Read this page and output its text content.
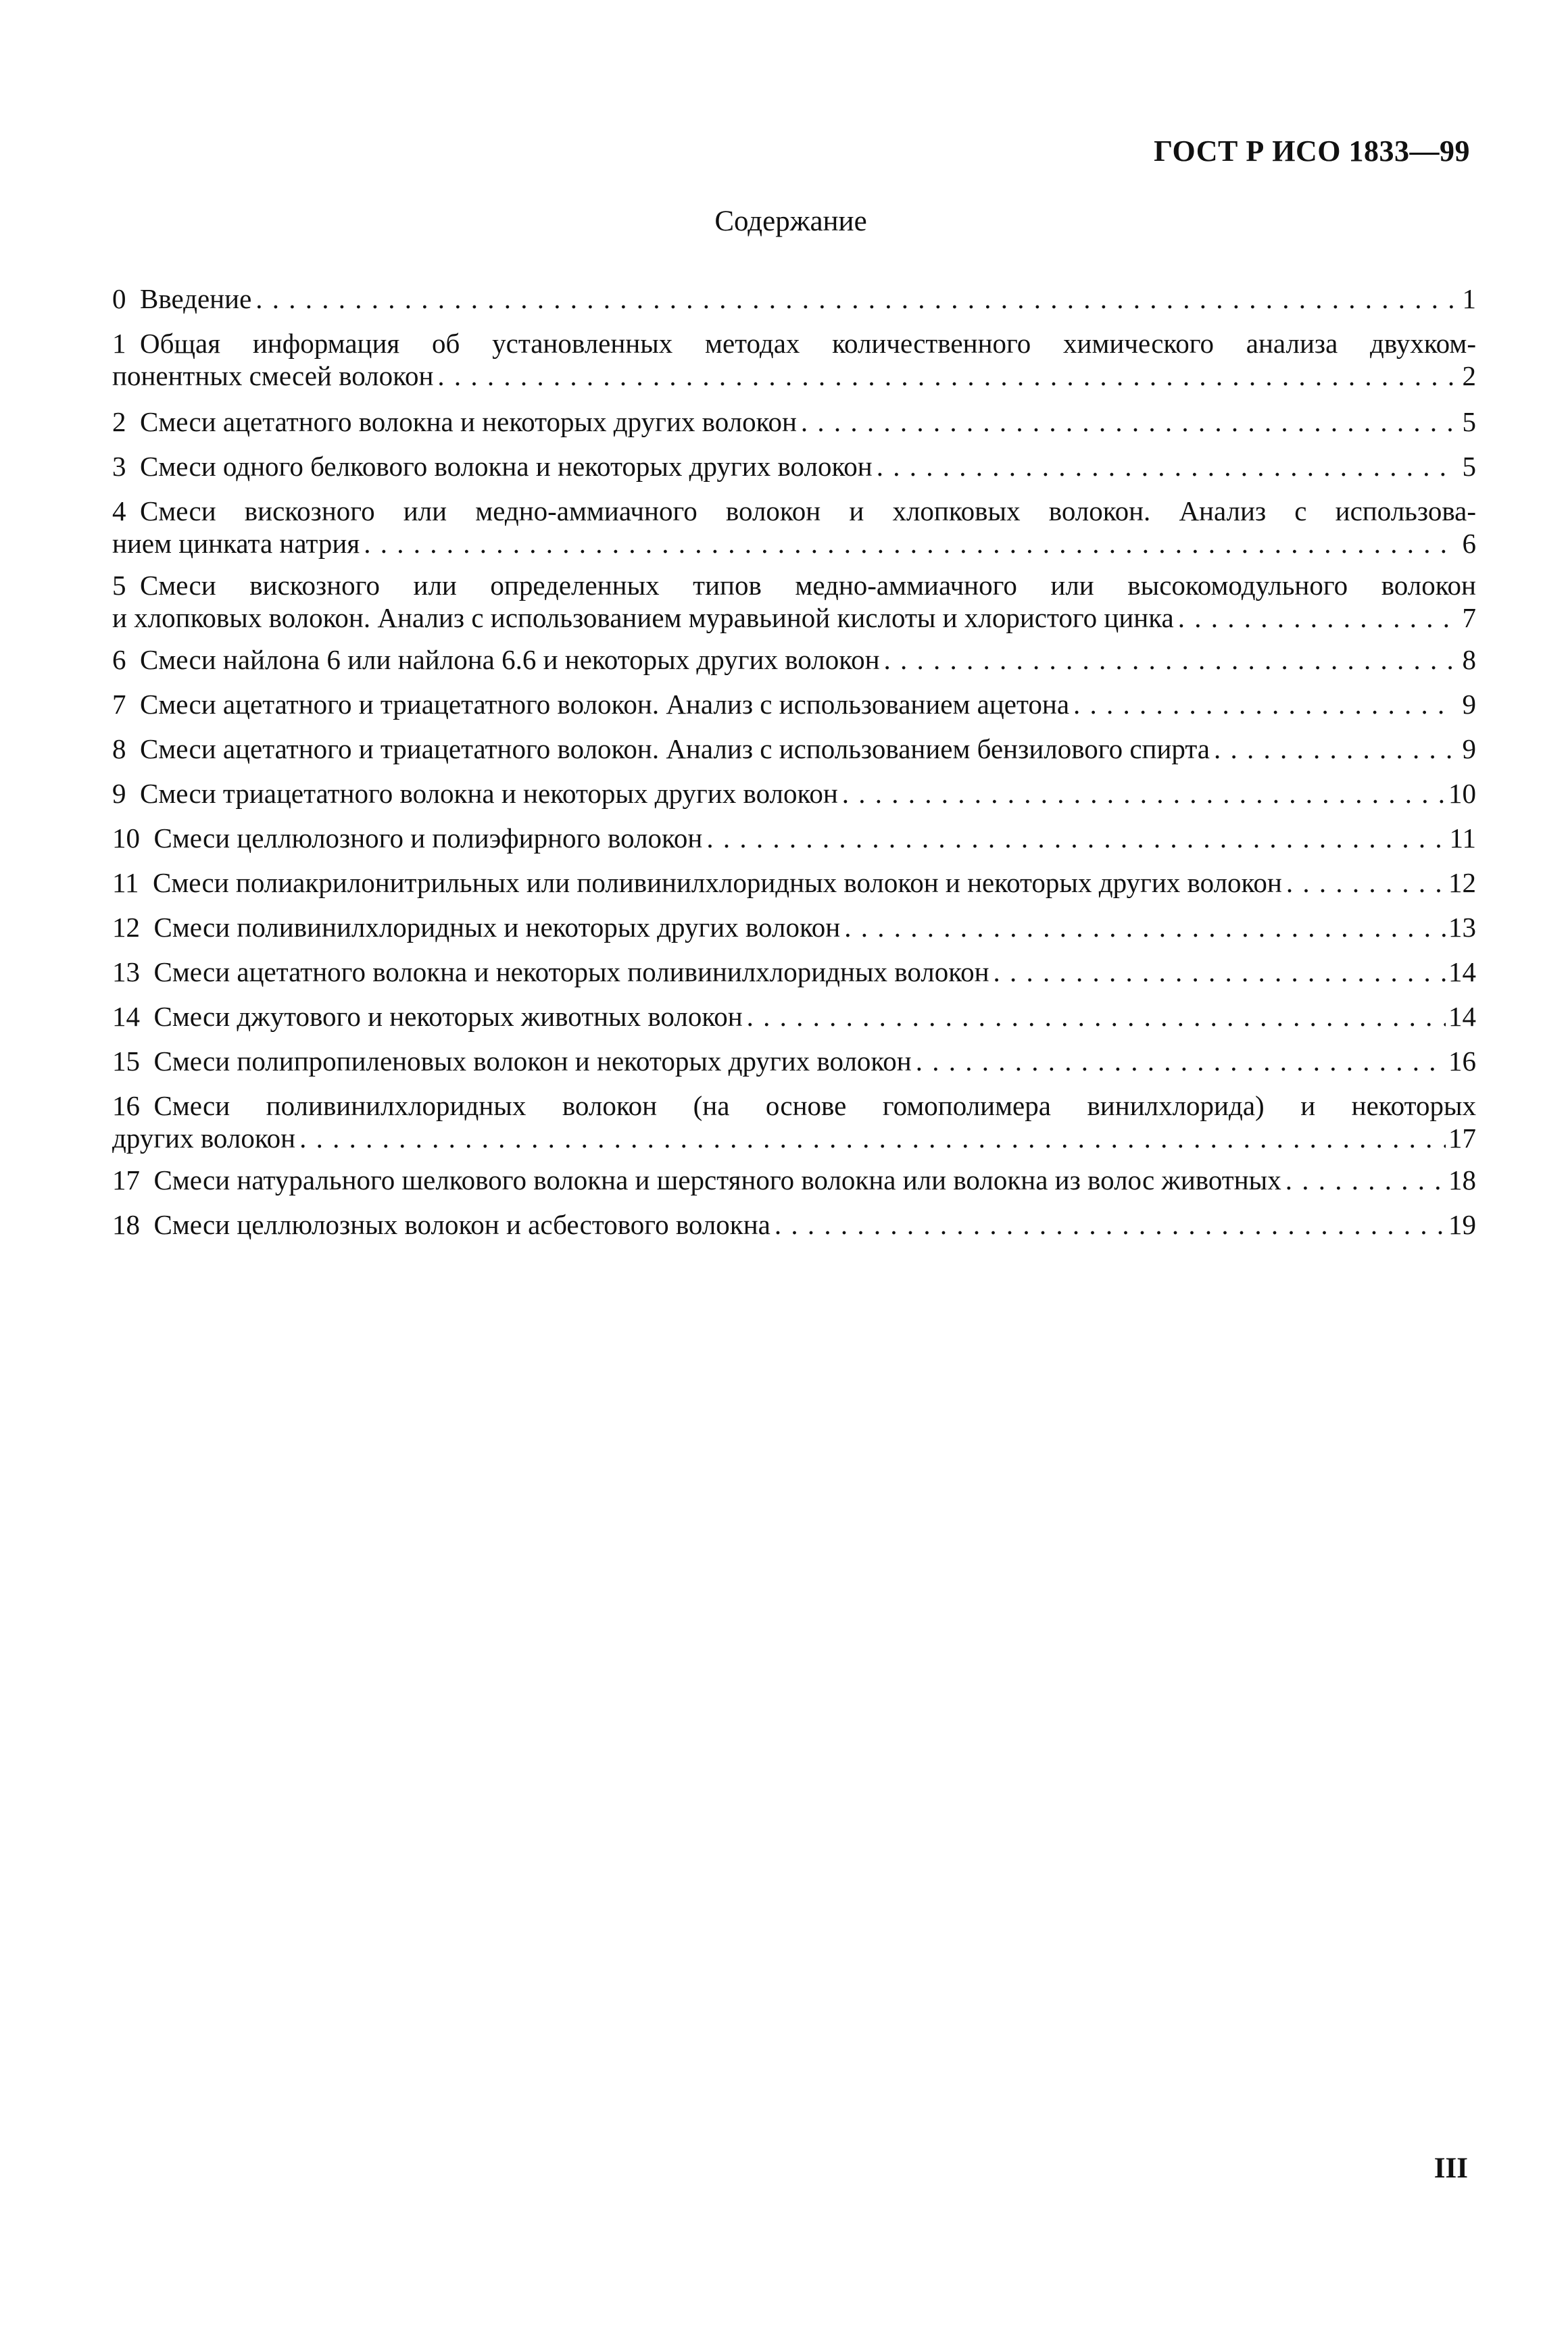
ГОСТ Р ИСО 1833—99
Содержание
0  Введение . . .	1
1  Общая информация об установленных методах количественного химического анализа двухком-
понентных смесей волокон . . .	2
2  Смеси ацетатного волокна и некоторых других волокон . . .	5
3  Смеси одного белкового волокна и некоторых других волокон . . .	5
4  Смеси вискозного или медно-аммиачного волокон и хлопковых волокон. Анализ с использова-
нием цинката натрия . . .	6
5  Смеси вискозного или определенных типов медно-аммиачного или высокомодульного волокон
и хлопковых волокон. Анализ с использованием муравьиной кислоты и хлористого цинка . . .	7
6  Смеси найлона 6 или найлона 6.6 и некоторых других волокон . . .	8
7  Смеси ацетатного и триацетатного волокон. Анализ с использованием ацетона . . .	9
8  Смеси ацетатного и триацетатного волокон. Анализ с использованием бензилового спирта . . .	9
9  Смеси триацетатного волокна и некоторых других волокон . . .	10
10  Смеси целлюлозного и полиэфирного волокон . . .	11
11  Смеси полиакрилонитрильных или поливинилхлоридных волокон и некоторых других волокон . . .	12
12  Смеси поливинилхлоридных и некоторых других волокон . . .	13
13  Смеси ацетатного волокна и некоторых поливинилхлоридных волокон . . .	14
14  Смеси джутового и некоторых животных волокон . . .	14
15  Смеси полипропиленовых волокон и некоторых других волокон . . .	16
16  Смеси поливинилхлоридных волокон (на основе гомополимера винилхлорида) и некоторых
других волокон . . .	17
17  Смеси натурального шелкового волокна и шерстяного волокна или волокна из волос животных . . .	18
18  Смеси целлюлозных волокон и асбестового волокна . . .	19
III
